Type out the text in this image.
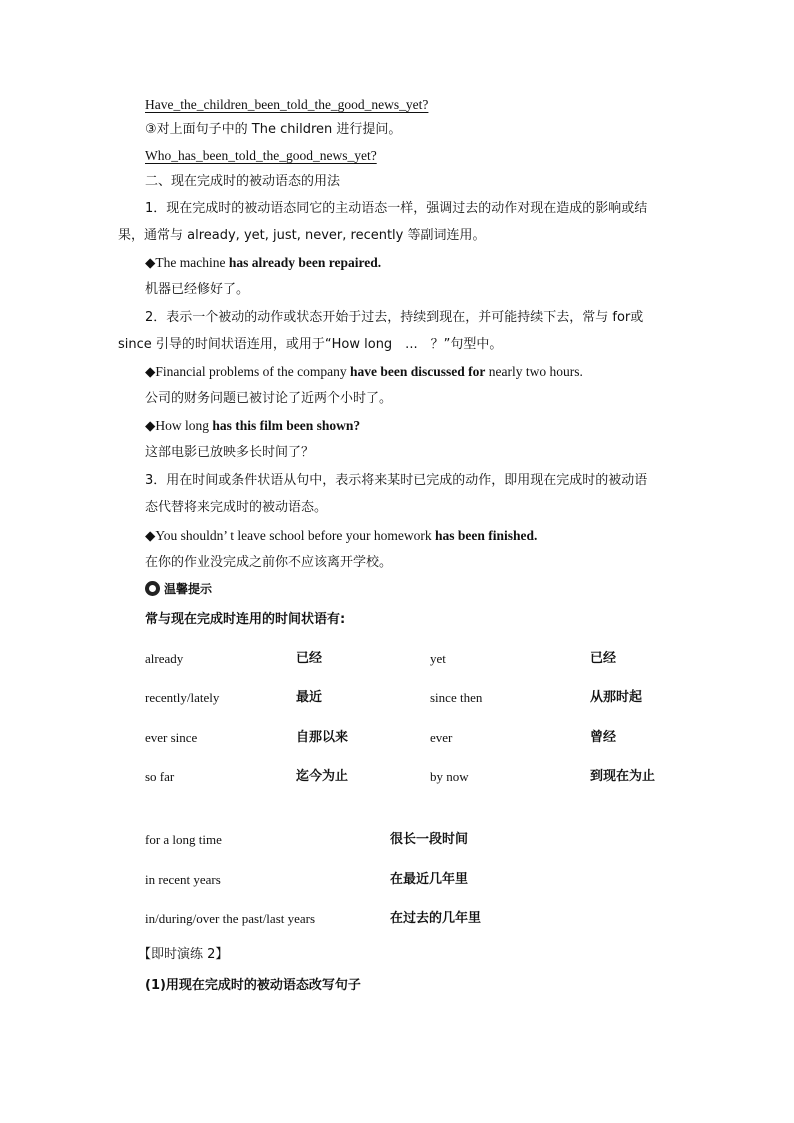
Have_the_children_been_told_the_good_news_yet?
③对上面句子中的 The children 进行提问。
Who_has_been_told_the_good_news_yet?
二、现在完成时的被动语态的用法
1．现在完成时的被动语态同它的主动语态一样，强调过去的动作对现在造成的影响或结
果，通常与 already, yet, just, never, recently 等副词连用。
◆The machine has already been repaired.
机器已经修好了。
2．表示一个被动的动作或状态开始于过去，持续到现在，并可能持续下去，常与 for或
since 引导的时间状语连用，或用于“How long　...　？”句型中。
◆Financial problems of the company have been discussed for nearly two hours.
公司的财务问题已被讨论了近两个小时了。
◆How long has this film been shown?
这部电影已放映多长时间了？
3．用在时间或条件状语从句中，表示将来某时已完成的动作，即用现在完成时的被动语
态代替将来完成时的被动语态。
◆You shouldn’ t leave school before your homework has been finished.
在你的作业没完成之前你不应该离开学校。
温馨提示
常与现在完成时连用的时间状语有:
already	已经	yet	已经
recently/lately	最近	since then	从那时起
ever since	自那以来	ever	曾经
so far	迄今为止	by now	到现在为止
for a long time	很长一段时间
in recent years	在最近几年里
in/during/over the past/last years	在过去的几年里
【即时演练 2】
(1)用现在完成时的被动语态改写句子
